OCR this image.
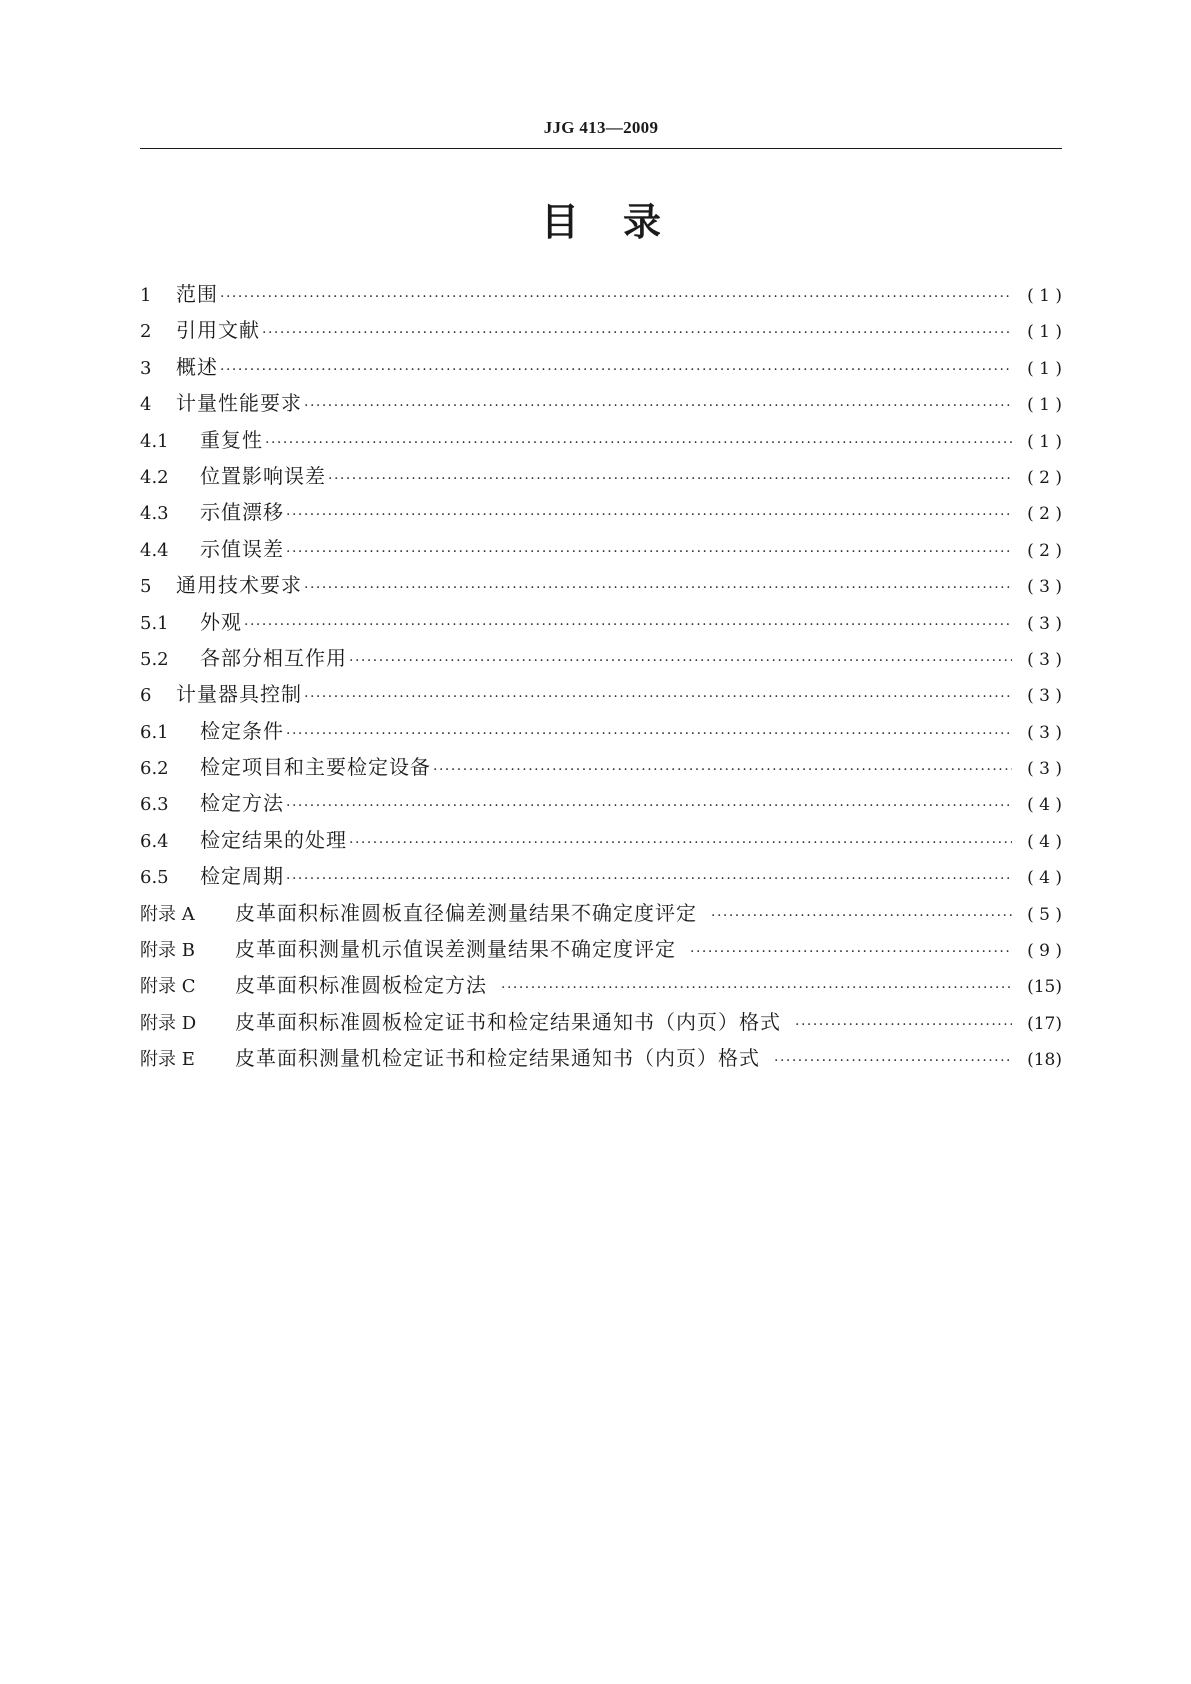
JJG 413—2009
目录
1	范围 ·····	( 1 )
2	引用文献 ·····	( 1 )
3	概述 ·····	( 1 )
4	计量性能要求 ·····	( 1 )
4.1	重复性 ·····	( 1 )
4.2	位置影响误差 ·····	( 2 )
4.3	示值漂移 ·····	( 2 )
4.4	示值误差 ·····	( 2 )
5	通用技术要求 ·····	( 3 )
5.1	外观 ·····	( 3 )
5.2	各部分相互作用 ·····	( 3 )
6	计量器具控制 ·····	( 3 )
6.1	检定条件 ·····	( 3 )
6.2	检定项目和主要检定设备 ·····	( 3 )
6.3	检定方法 ·····	( 4 )
6.4	检定结果的处理 ·····	( 4 )
6.5	检定周期 ·····	( 4 )
附录 A	皮革面积标准圆板直径偏差测量结果不确定度评定 ·····	( 5 )
附录 B	皮革面积测量机示值误差测量结果不确定度评定 ·····	( 9 )
附录 C	皮革面积标准圆板检定方法 ·····	(15)
附录 D	皮革面积标准圆板检定证书和检定结果通知书（内页）格式 ·····	(17)
附录 E	皮革面积测量机检定证书和检定结果通知书（内页）格式 ·····	(18)
